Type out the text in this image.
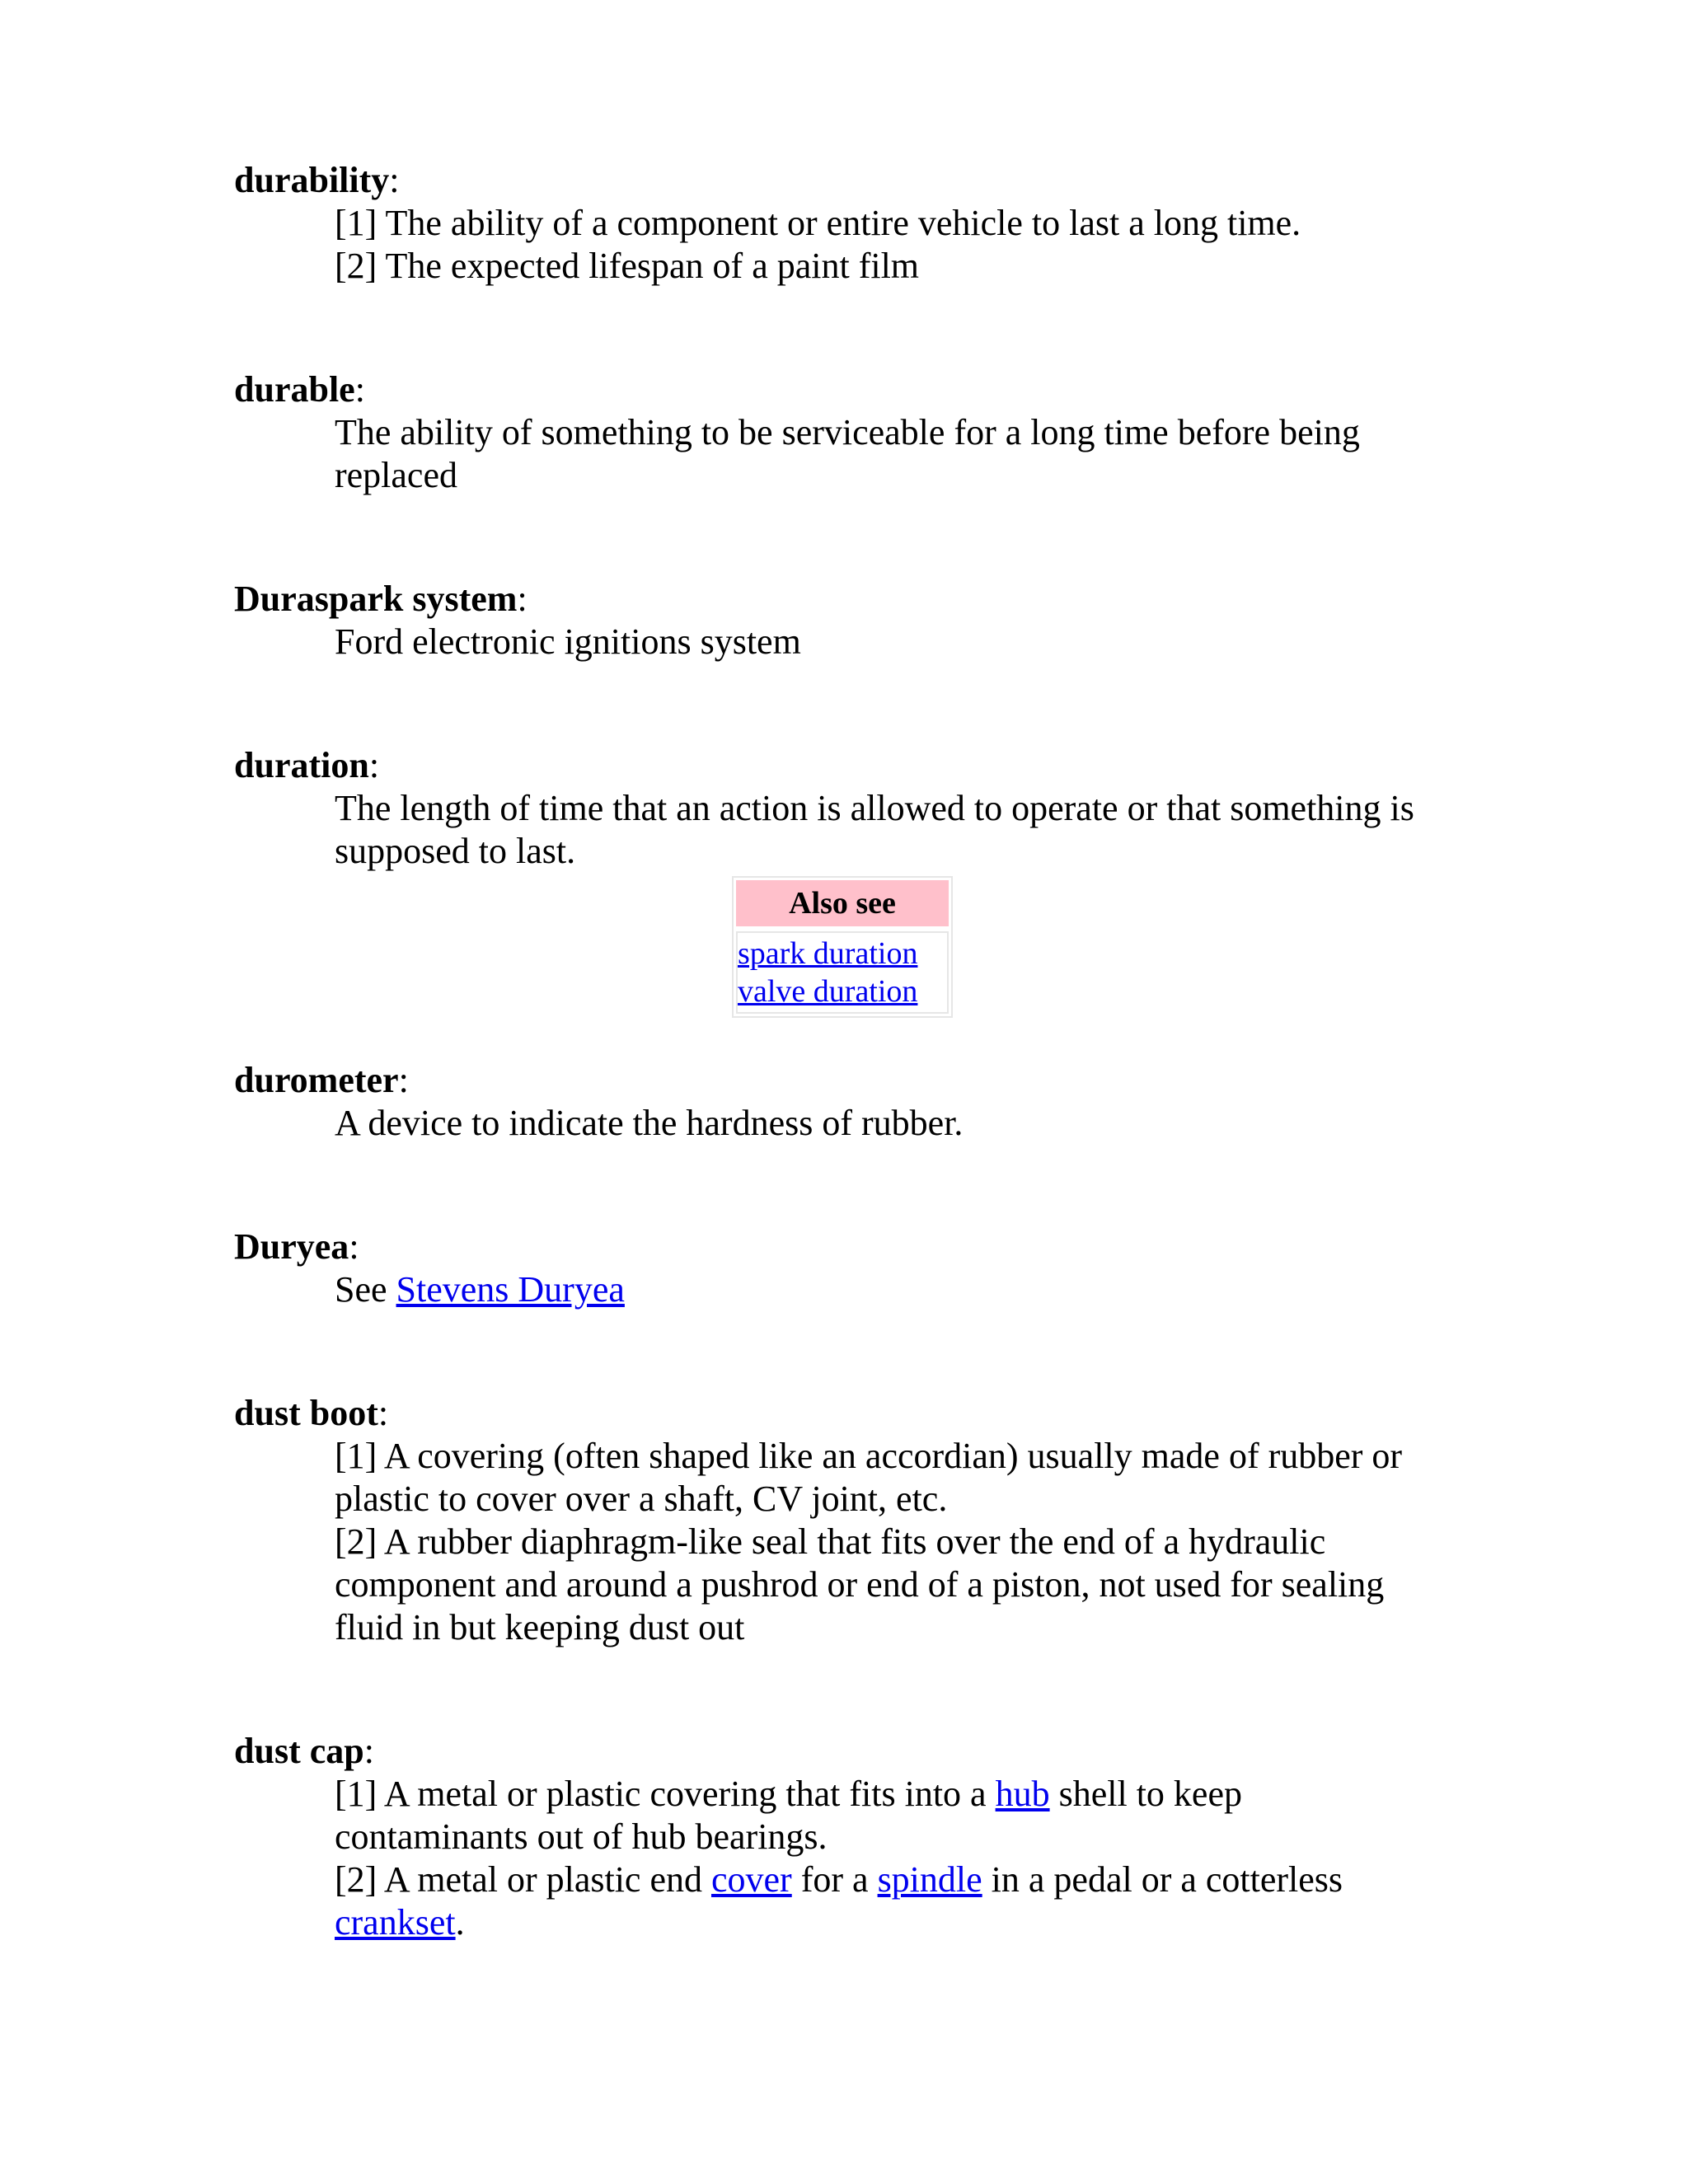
durability:

[1] The ability of a component or entire vehicle to last a long time.
[2] The expected lifespan of a paint film

durable:

The ability of something to be serviceable for a long time before being
replaced

Duraspark system:

Ford electronic ignitions system

duration:

The length of time that an action is allowed to operate or that something is
supposed to last.
Also see
spark duration
valve duration

durometer:

A device to indicate the hardness of rubber.

Duryea:

See Stevens Duryea

dust boot:

[1] A covering (often shaped like an accordian) usually made of rubber or
plastic to cover over a shaft, CV joint, etc.
[2] A rubber diaphragm-like seal that fits over the end of a hydraulic
component and around a pushrod or end of a piston, not used for sealing
fluid in but keeping dust out

dust cap:

[1] A metal or plastic covering that fits into a hub shell to keep
contaminants out of hub bearings.
[2] A metal or plastic end cover for a spindle in a pedal or a cotterless
crankset.
